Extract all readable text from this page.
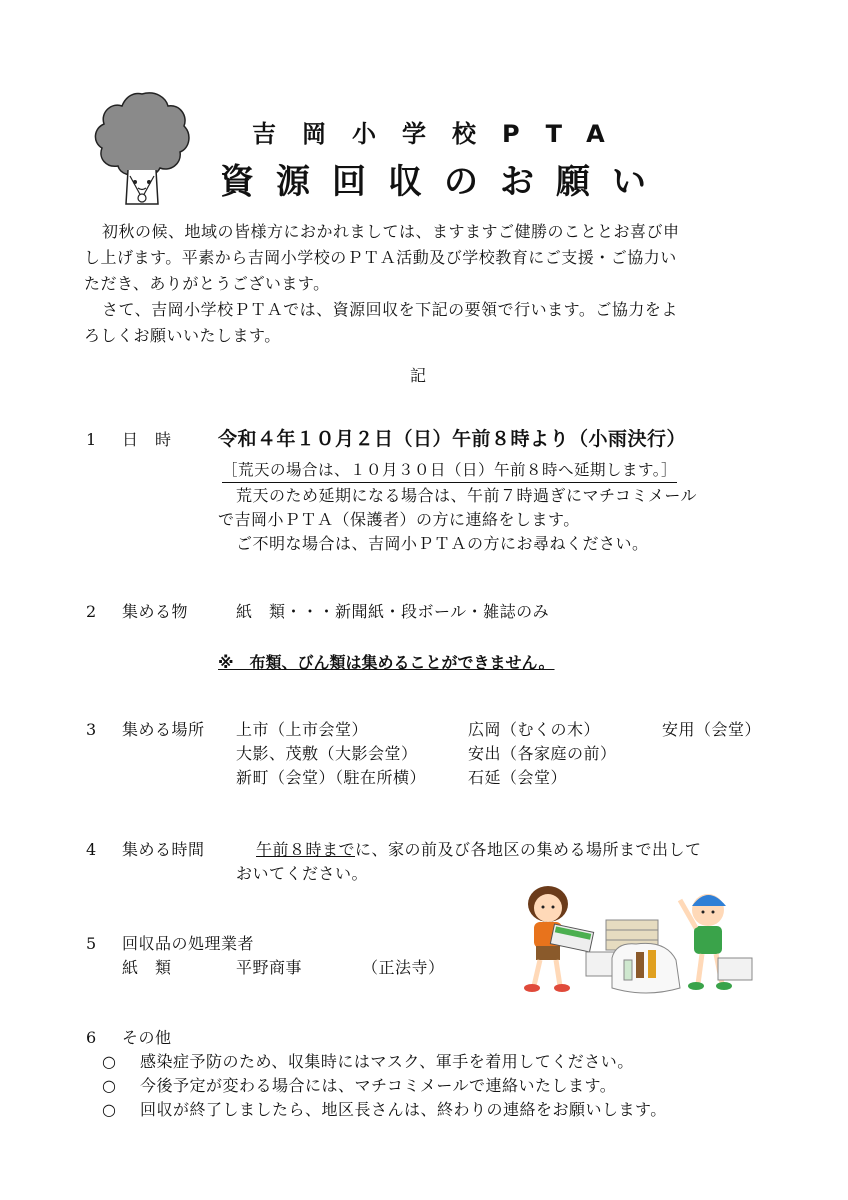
吉岡小学校PTA
資源回収のお願い
初秋の候、地域の皆様方におかれましては、ますますご健勝のこととお喜び申
し上げます。平素から吉岡小学校のＰＴＡ活動及び学校教育にご支援・ご協力い
ただき、ありがとうございます。
さて、吉岡小学校ＰＴＡでは、資源回収を下記の要領で行います。ご協力をよ
ろしくお願いいたします。
記
1 日　時 令和４年１０月２日（日）午前８時より（小雨決行）
［荒天の場合は、１０月３０日（日）午前８時へ延期します。］
荒天のため延期になる場合は、午前７時過ぎにマチコミメール
で吉岡小ＰＴＡ（保護者）の方に連絡をします。
ご不明な場合は、吉岡小ＰＴＡの方にお尋ねください。
2 集める物	紙　類・・・新聞紙・段ボール・雑誌のみ
※　布類、びん類は集めることができません。
3 集める場所 上市（上市会堂）	広岡（むくの木）	安用（会堂）
大影、茂敷（大影会堂）	安出（各家庭の前）
新町（会堂）（駐在所横）	石延（会堂）
4 集める時間	午前８時までに、家の前及び各地区の集める場所まで出して
おいてください。
5 回収品の処理業者
紙　類	平野商事	（正法寺）
6 その他
○ 感染症予防のため、収集時にはマスク、軍手を着用してください。
○ 今後予定が変わる場合には、マチコミメールで連絡いたします。
○ 回収が終了しましたら、地区長さんは、終わりの連絡をお願いします。
